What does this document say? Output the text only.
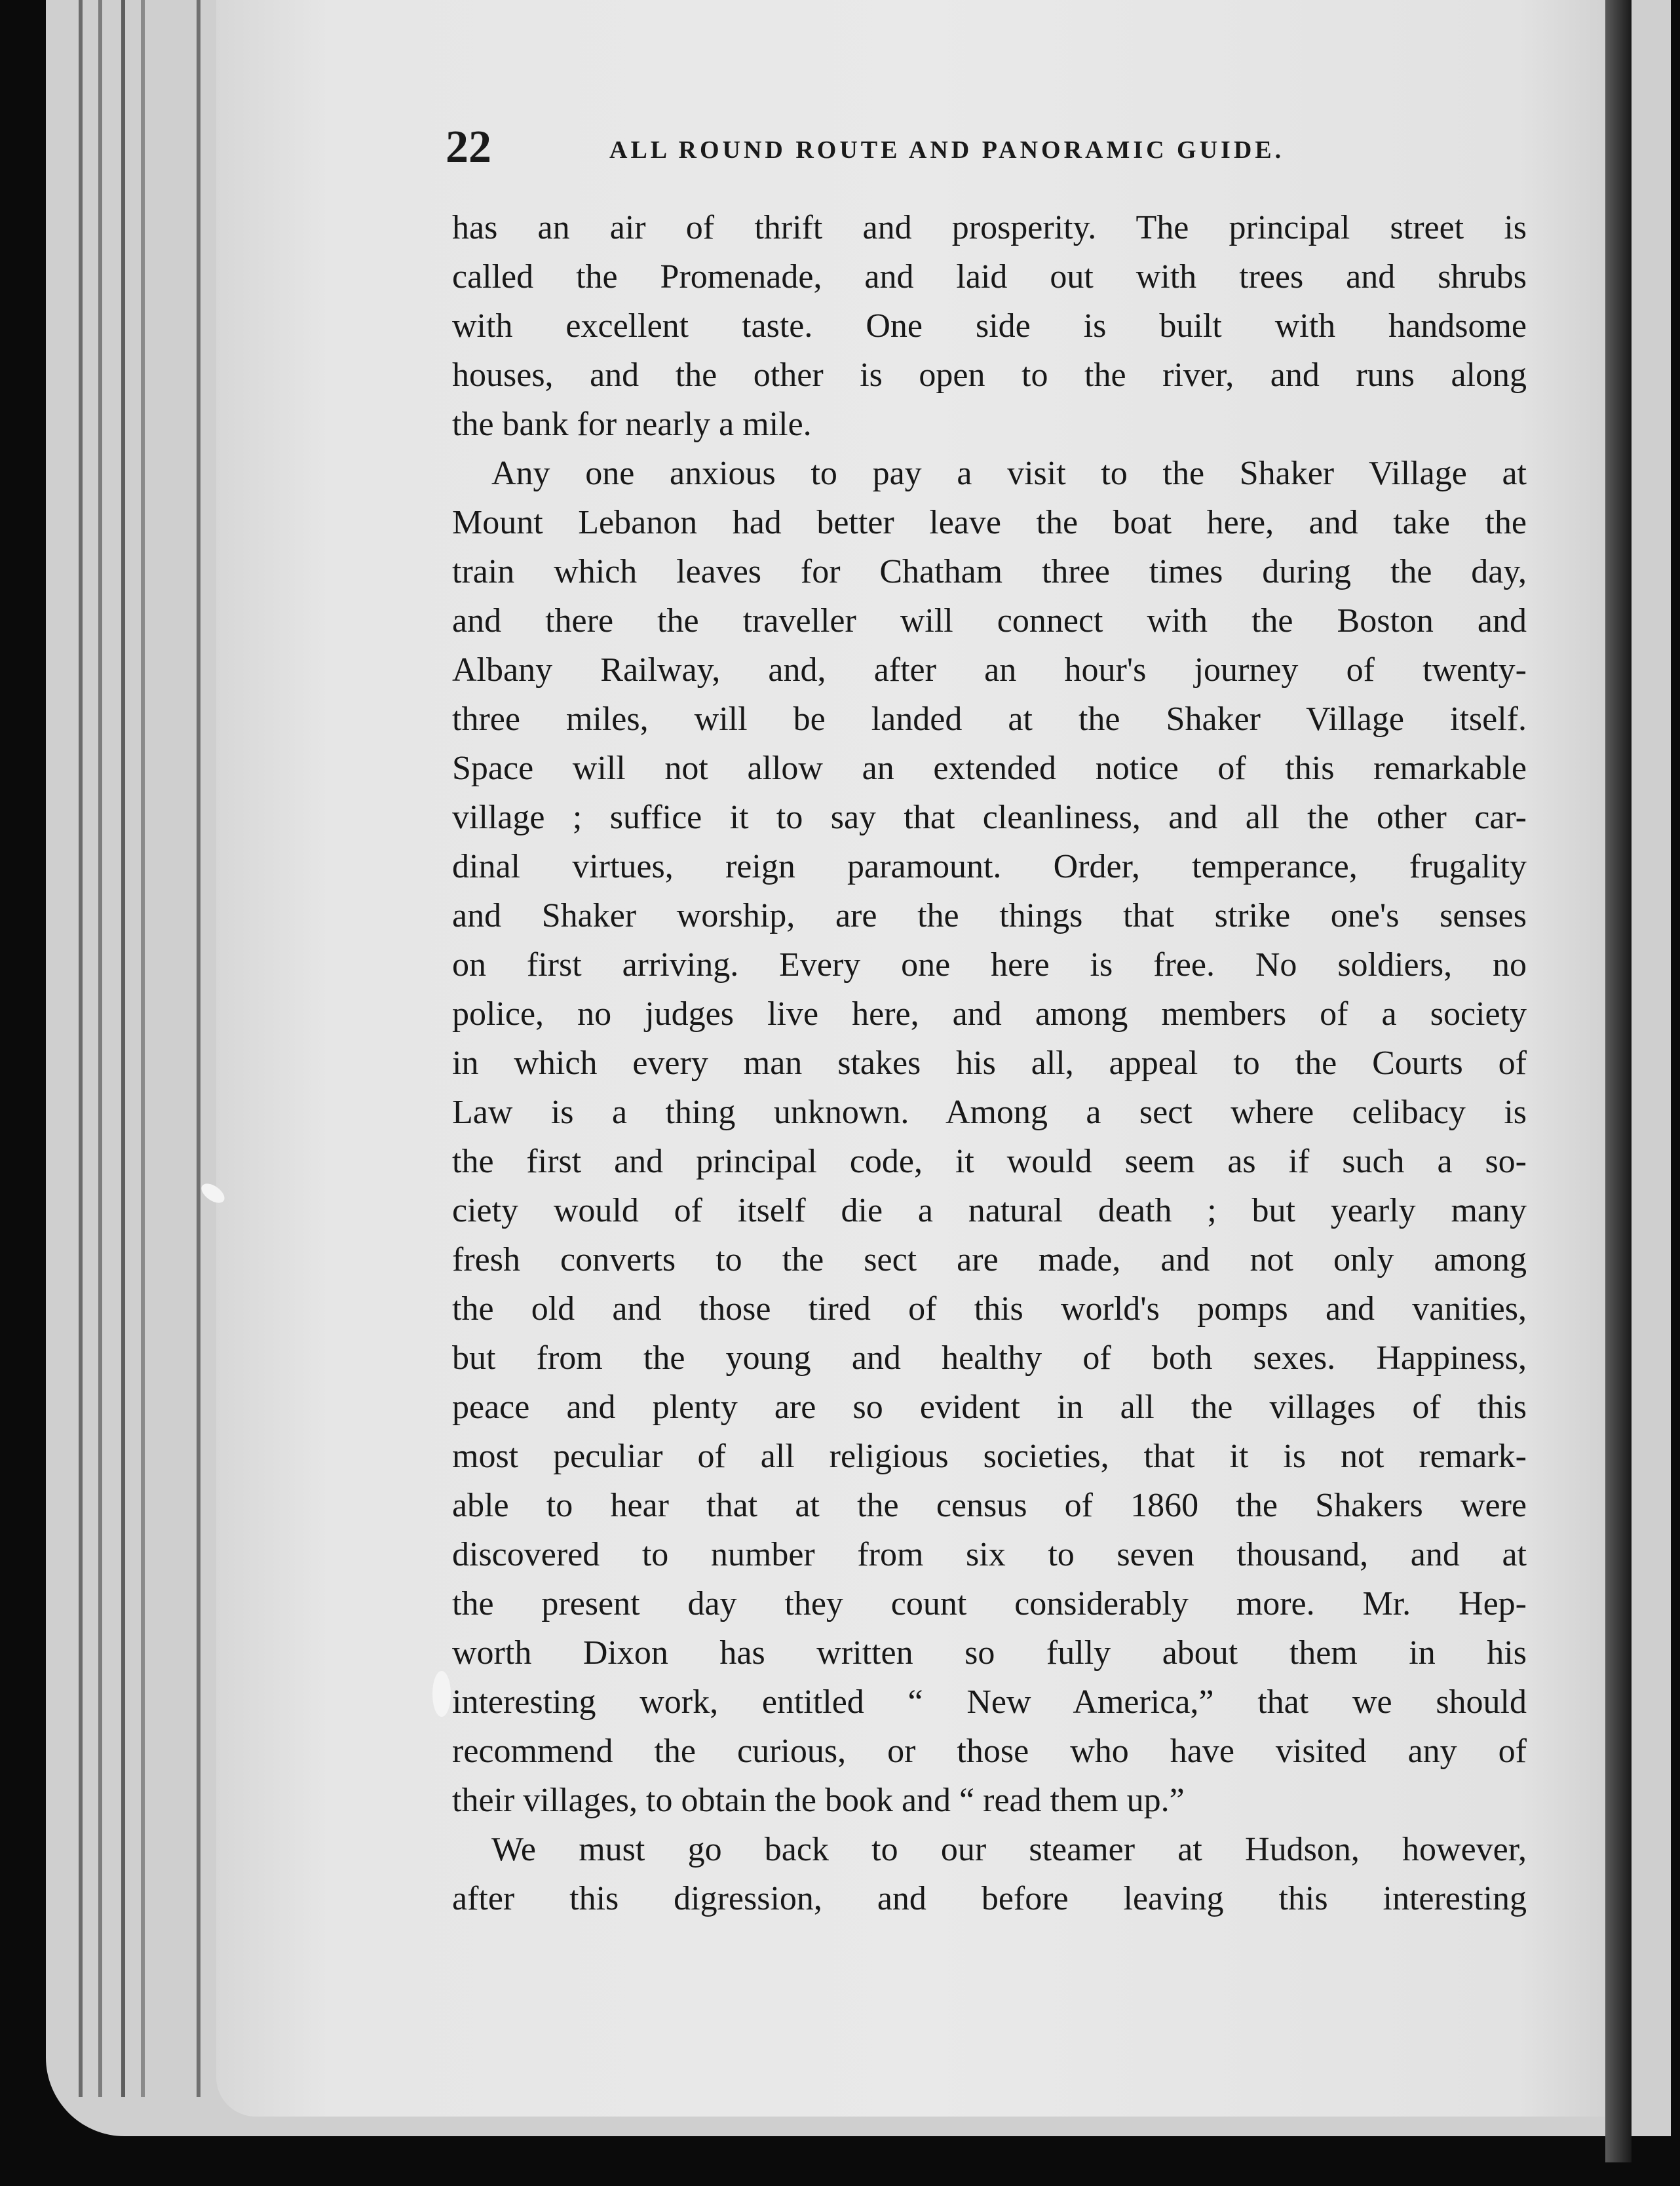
22	ALL ROUND ROUTE AND PANORAMIC GUIDE.
has an air of thrift and prosperity. The principal street is
called the Promenade, and laid out with trees and shrubs
with excellent taste. One side is built with handsome
houses, and the other is open to the river, and runs along
the bank for nearly a mile.
Any one anxious to pay a visit to the Shaker Village at
Mount Lebanon had better leave the boat here, and take the
train which leaves for Chatham three times during the day,
and there the traveller will connect with the Boston and
Albany Railway, and, after an hour's journey of twenty-
three miles, will be landed at the Shaker Village itself.
Space will not allow an extended notice of this remarkable
village ; suffice it to say that cleanliness, and all the other car-
dinal virtues, reign paramount. Order, temperance, frugality
and Shaker worship, are the things that strike one's senses
on first arriving. Every one here is free. No soldiers, no
police, no judges live here, and among members of a society
in which every man stakes his all, appeal to the Courts of
Law is a thing unknown. Among a sect where celibacy is
the first and principal code, it would seem as if such a so-
ciety would of itself die a natural death ; but yearly many
fresh converts to the sect are made, and not only among
the old and those tired of this world's pomps and vanities,
but from the young and healthy of both sexes. Happiness,
peace and plenty are so evident in all the villages of this
most peculiar of all religious societies, that it is not remark-
able to hear that at the census of 1860 the Shakers were
discovered to number from six to seven thousand, and at
the present day they count considerably more. Mr. Hep-
worth Dixon has written so fully about them in his
interesting work, entitled “ New America,” that we should
recommend the curious, or those who have visited any of
their villages, to obtain the book and “ read them up.”
We must go back to our steamer at Hudson, however,
after this digression, and before leaving this interesting
